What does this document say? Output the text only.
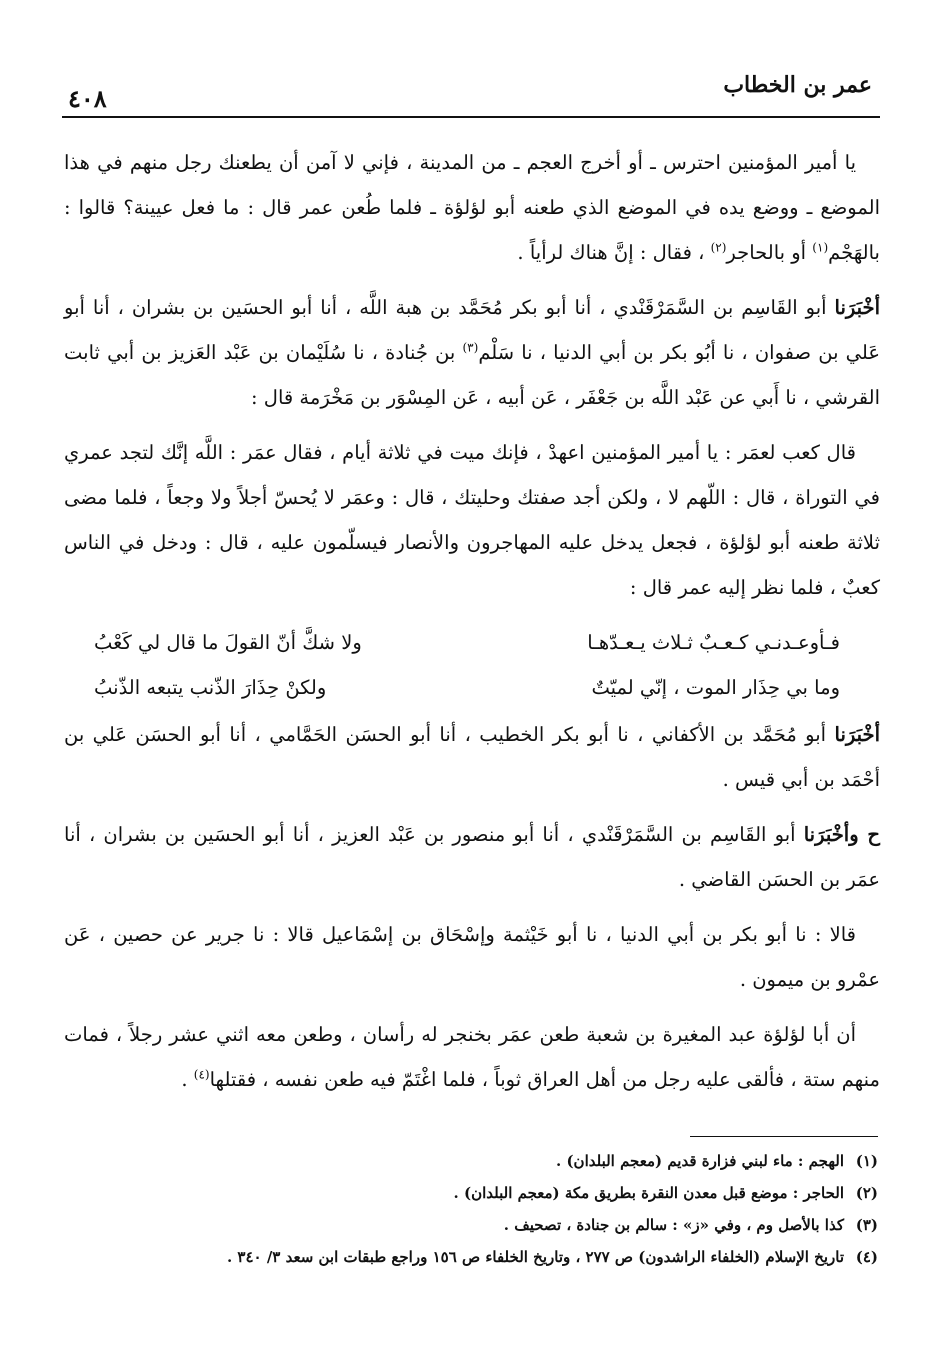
عمر بن الخطاب
٤٠٨

يا أمير المؤمنين احترس ـ أو أخرج العجم ـ من المدينة ، فإني لا آمن أن يطعنك رجل منهم في هذا الموضع ـ ووضع يده في الموضع الذي طعنه أبو لؤلؤة ـ فلما طُعن عمر قال : ما فعل عيينة؟ قالوا : بالهَجْم$^{(١)}$ أو بالحاجر$^{(٢)}$ ، فقال : إنَّ هناك لرأياً .

أخْبَرَنا أبو القَاسِم بن السَّمَرْقَنْدي ، أنا أبو بكر مُحَمَّد بن هبة اللَّه ، أنا أبو الحسَين بن بشران ، أنا أبو عَلي بن صفوان ، نا أبُو بكر بن أبي الدنيا ، نا سَلْم$^{(٣)}$ بن جُنادة ، نا سُلَيْمان بن عَبْد العَزيز بن أبي ثابت القرشي ، نا أَبي عن عَبْد اللَّه بن جَعْفَر ، عَن أبيه ، عَن المِسْوَر بن مَخْرَمة قال :

قال كعب لعمَر : يا أمير المؤمنين اعهدْ ، فإنك ميت في ثلاثة أيام ، فقال عمَر : اللَّه إنَّك لتجد عمري في التوراة ، قال : اللّهم لا ، ولكن أجد صفتك وحليتك ، قال : وعمَر لا يُحسّ أجلاً ولا وجعاً ، فلما مضى ثلاثة طعنه أبو لؤلؤة ، فجعل يدخل عليه المهاجرون والأنصار فيسلّمون عليه ، قال : ودخل في الناس كعبٌ ، فلما نظر إليه عمر قال :

فـأوعـدنـي كـعـبٌ ثـلاث يـعـدّهـا
ولا شكَّ أنّ القولَ ما قال لي كَعْبُ
وما بي حِذَار الموت ، إنّي لميّتٌ
ولكنْ حِذَارَ الذّنب يتبعه الذّنبُ

أخْبَرَنا أبو مُحَمَّد بن الأكفاني ، نا أبو بكر الخطيب ، أنا أبو الحسَن الحَمَّامي ، أنا أبو الحسَن عَلي بن أحْمَد بن أبي قيس .

ح وأخْبَرَنا أبو القَاسِم بن السَّمَرْقَنْدي ، أنا أبو منصور بن عَبْد العزيز ، أنا أبو الحسَين بن بشران ، أنا عمَر بن الحسَن القاضي .

قالا : نا أبو بكر بن أبي الدنيا ، نا أبو خَيْثمة وإسْحَاق بن إسْمَاعيل قالا : نا جرير عن حصين ، عَن عمْرو بن ميمون .

أن أبا لؤلؤة عبد المغيرة بن شعبة طعن عمَر بخنجر له رأسان ، وطعن معه اثني عشر رجلاً ، فمات منهم ستة ، فألقى عليه رجل من أهل العراق ثوباً ، فلما اغْتَمّ فيه طعن نفسه ، فقتلها$^{(٤)}$ .

(١)
الهجم : ماء لبني فزارة قديم (معجم البلدان) .
(٢)
الحاجر : موضع قبل معدن النقرة بطريق مكة (معجم البلدان) .
(٣)
كذا بالأصل وم ، وفي «ز» : سالم بن جنادة ، تصحيف .
(٤)
تاريخ الإسلام (الخلفاء الراشدون) ص ٢٧٧ ، وتاريخ الخلفاء ص ١٥٦ وراجع طبقات ابن سعد ٣/ ٣٤٠ .
